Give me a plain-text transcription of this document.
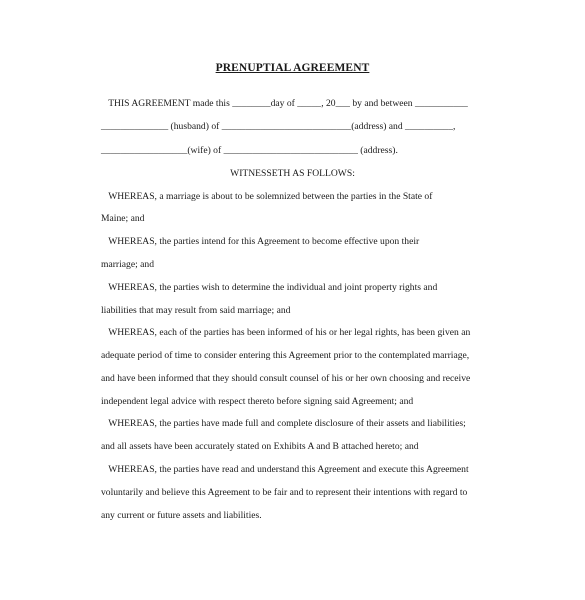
PRENUPTIAL AGREEMENT
THIS AGREEMENT made this ________day of _____, 20___ by and between ___________
______________ (husband) of ___________________________(address) and __________,
__________________(wife) of ____________________________ (address).
WITNESSETH AS FOLLOWS:
WHEREAS, a marriage is about to be solemnized between the parties in the State of
Maine; and
WHEREAS, the parties intend for this Agreement to become effective upon their
marriage; and
WHEREAS, the parties wish to determine the individual and joint property rights and
liabilities that may result from said marriage; and
WHEREAS, each of the parties has been informed of his or her legal rights, has been given an
adequate period of time to consider entering this Agreement prior to the contemplated marriage,
and have been informed that they should consult counsel of his or her own choosing and receive
independent legal advice with respect thereto before signing said Agreement; and
WHEREAS, the parties have made full and complete disclosure of their assets and liabilities;
and all assets have been accurately stated on Exhibits A and B attached hereto; and
WHEREAS, the parties have read and understand this Agreement and execute this Agreement
voluntarily and believe this Agreement to be fair and to represent their intentions with regard to
any current or future assets and liabilities.
